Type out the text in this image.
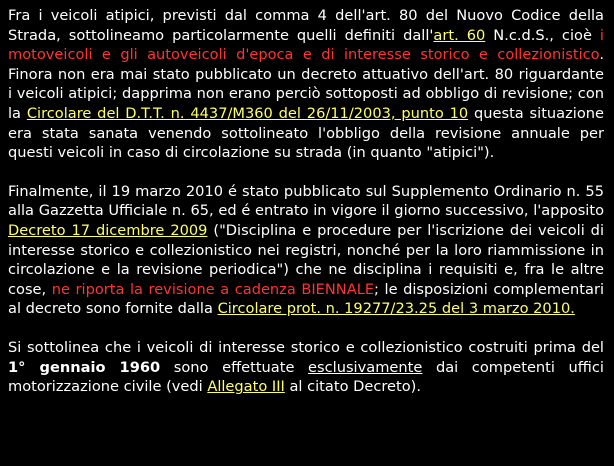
Fra i veicoli atipici, previsti dal comma 4 dell'art. 80 del Nuovo Codice della Strada, sottolineamo particolarmente quelli definiti dall'art. 60 N.c.d.S., cioè i motoveicoli e gli autoveicoli d'epoca e di interesse storico e collezionistico. Finora non era mai stato pubblicato un decreto attuativo dell'art. 80 riguardante i veicoli atipici; dapprima non erano perciò sottoposti ad obbligo di revisione; con la Circolare del D.T.T. n. 4437/M360 del 26/11/2003, punto 10 questa situazione era stata sanata venendo sottolineato l'obbligo della revisione annuale per questi veicoli in caso di circolazione su strada (in quanto "atipici").

Finalmente, il 19 marzo 2010 é stato pubblicato sul Supplemento Ordinario n. 55 alla Gazzetta Ufficiale n. 65, ed é entrato in vigore il giorno successivo, l'apposito Decreto 17 dicembre 2009 ("Disciplina e procedure per l'iscrizione dei veicoli di interesse storico e collezionistico nei registri, nonché per la loro riammissione in circolazione e la revisione periodica") che ne disciplina i requisiti e, fra le altre cose, ne riporta la revisione a cadenza BIENNALE; le disposizioni complementari al decreto sono fornite dalla Circolare prot. n. 19277/23.25 del 3 marzo 2010.

Si sottolinea che i veicoli di interesse storico e collezionistico costruiti prima del 1° gennaio 1960 sono effettuate esclusivamente dai competenti uffici motorizzazione civile (vedi Allegato III al citato Decreto).
